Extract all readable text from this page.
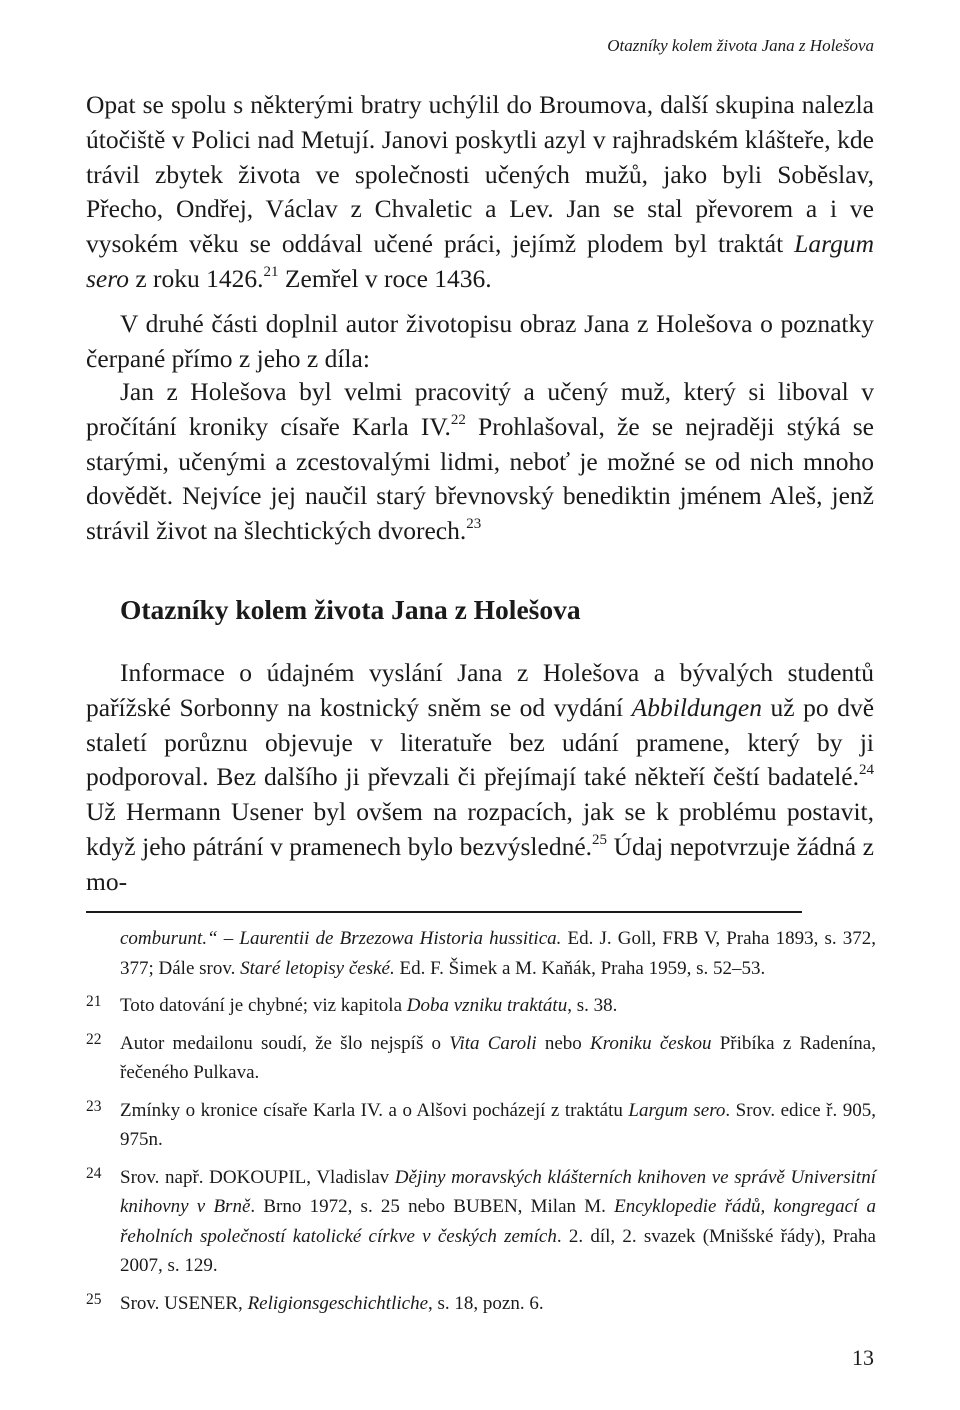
Otazníky kolem života Jana z Holešova

Opat se spolu s některými bratry uchýlil do Broumova, další skupina nalezla útočiště v Polici nad Metují. Janovi poskytli azyl v rajhradském klášteře, kde trávil zbytek života ve společnosti učených mužů, jako byli Soběslav, Přecho, Ondřej, Václav z Chvaletic a Lev. Jan se stal převorem a i ve vysokém věku se oddával učené práci, jejímž plodem byl traktát Largum sero z roku 1426.21 Zemřel v roce 1436.

V druhé části doplnil autor životopisu obraz Jana z Holešova o poznatky čerpané přímo z jeho z díla:

Jan z Holešova byl velmi pracovitý a učený muž, který si liboval v pročítání kroniky císaře Karla IV.$^{22}$ Prohlašoval, že se nejraději stýká se starými, učenými a zcestovalými lidmi, neboť je možné se od nich mnoho dovědět. Nejvíce jej naučil starý břevnovský benediktin jménem Aleš, jenž strávil život na šlechtických dvorech.$^{23}$

Otazníky kolem života Jana z Holešova

Informace o údajném vyslání Jana z Holešova a bývalých studentů pařížské Sorbonny na kostnický sněm se od vydání Abbildungen už po dvě staletí porůznu objevuje v literatuře bez udání pramene, který by ji podporoval. Bez dalšího ji převzali či přejímají také někteří čeští badatelé.$^{24}$ Už Hermann Usener byl ovšem na rozpacích, jak se k problému postavit, když jeho pátrání v pramenech bylo bezvýsledné.$^{25}$ Údaj nepotvrzuje žádná z mo-

comburunt.“ – Laurentii de Brzezowa Historia hussitica. Ed. J. Goll, FRB V, Praha 1893, s. 372, 377; Dále srov. Staré letopisy české. Ed. F. Šimek a M. Kaňák, Praha 1959, s. 52–53.

21 Toto datování je chybné; viz kapitola Doba vzniku traktátu, s. 38.

22 Autor medailonu soudí, že šlo nejspíš o Vita Caroli nebo Kroniku českou Přibíka z Radenína, řečeného Pulkava.

23 Zmínky o kronice císaře Karla IV. a o Alšovi pocházejí z traktátu Largum sero. Srov. edice ř. 905, 975n.

24 Srov. např. DOKOUPIL, Vladislav Dějiny moravských klášterních knihoven ve správě Universitní knihovny v Brně. Brno 1972, s. 25 nebo BUBEN, Milan M. Encyklopedie řádů, kongregací a řeholních společností katolické církve v českých zemích. 2. díl, 2. svazek (Mnišské řády), Praha 2007, s. 129.

25 Srov. USENER, Religionsgeschichtliche, s. 18, pozn. 6.

13
